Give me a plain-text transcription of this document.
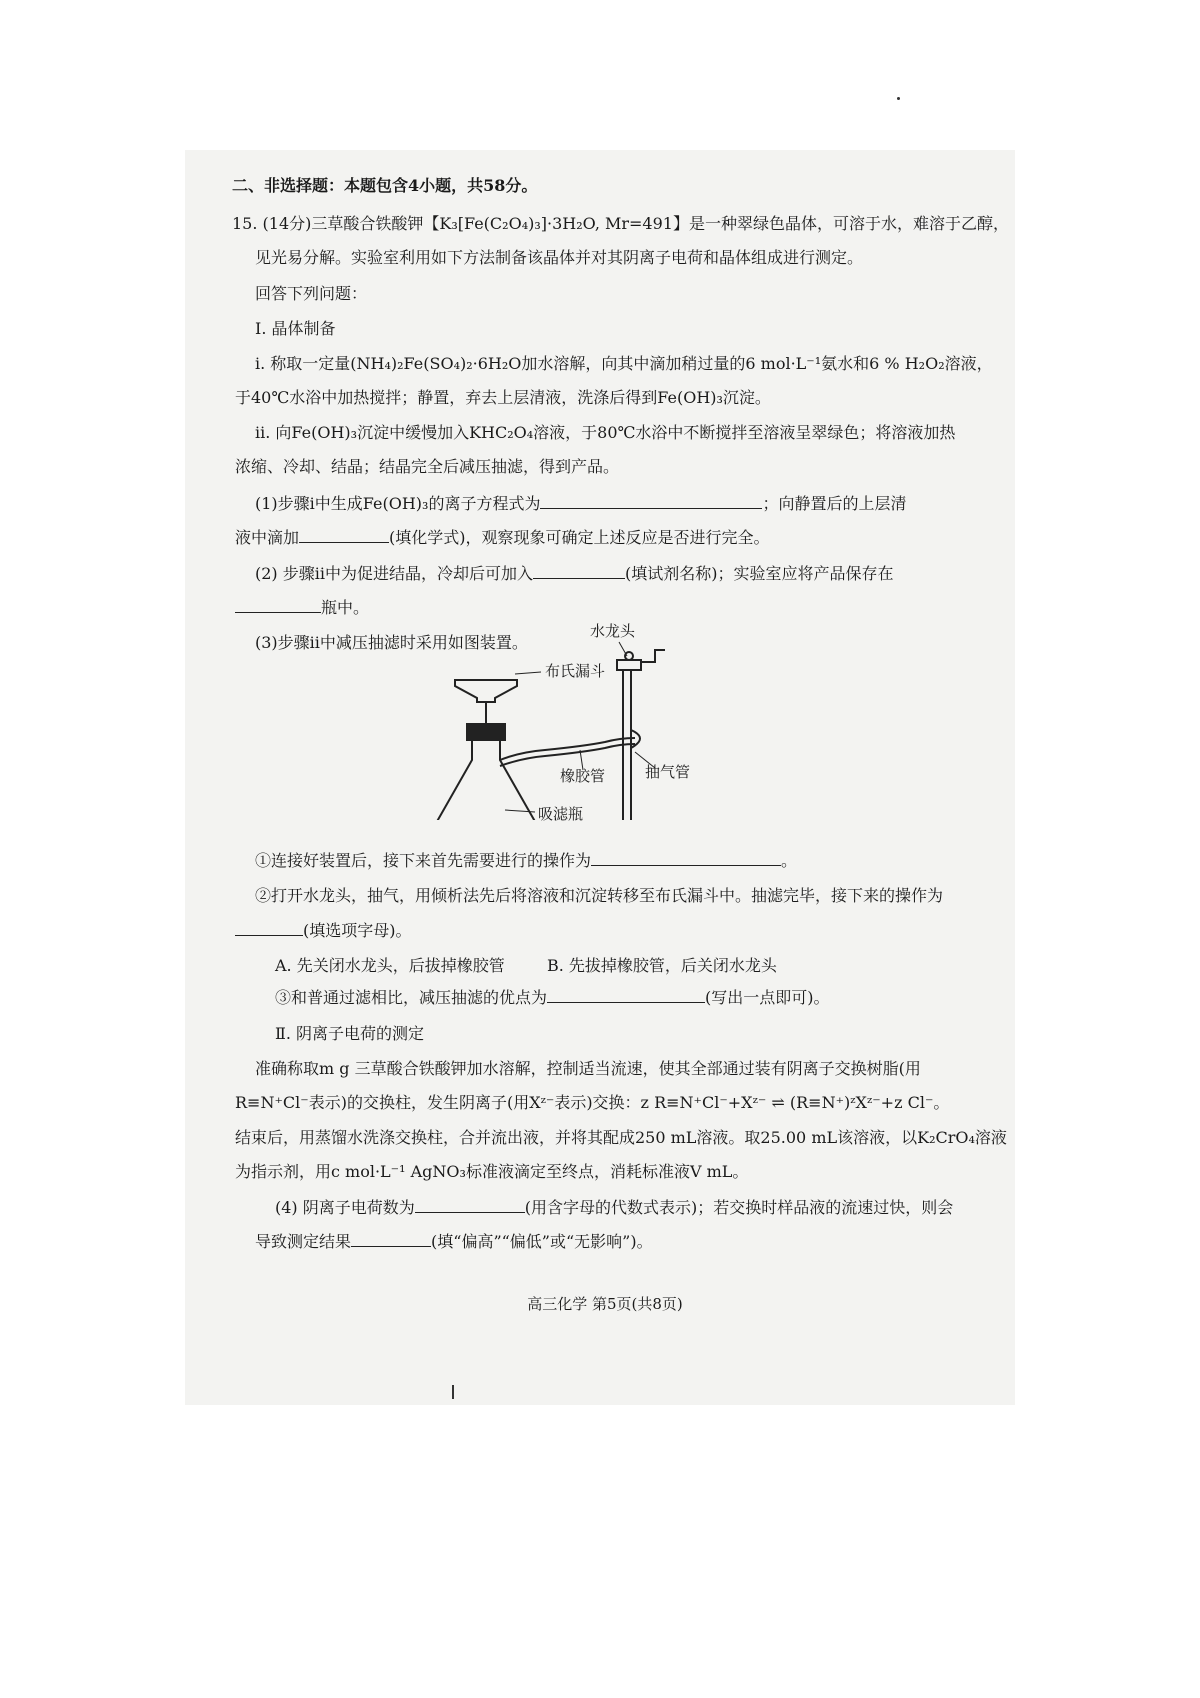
二、非选择题：本题包含4小题，共58分。
15. (14分)三草酸合铁酸钾【K₃[Fe(C₂O₄)₃]·3H₂O, Mr=491】是一种翠绿色晶体，可溶于水，难溶于乙醇，
见光易分解。实验室利用如下方法制备该晶体并对其阴离子电荷和晶体组成进行测定。
回答下列问题：
Ⅰ. 晶体制备
i. 称取一定量(NH₄)₂Fe(SO₄)₂·6H₂O加水溶解，向其中滴加稍过量的6 mol·L⁻¹氨水和6 % H₂O₂溶液，
于40℃水浴中加热搅拌；静置，弃去上层清液，洗涤后得到Fe(OH)₃沉淀。
ii. 向Fe(OH)₃沉淀中缓慢加入KHC₂O₄溶液，于80℃水浴中不断搅拌至溶液呈翠绿色；将溶液加热
浓缩、冷却、结晶；结晶完全后减压抽滤，得到产品。
(1)步骤i中生成Fe(OH)₃的离子方程式为	；向静置后的上层清
液中滴加	(填化学式)，观察现象可确定上述反应是否进行完全。
(2) 步骤ii中为促进结晶，冷却后可加入	(填试剂名称)；实验室应将产品保存在
瓶中。
(3)步骤ii中减压抽滤时采用如图装置。
水龙头
布氏漏斗
橡胶管	抽气管
吸滤瓶
①连接好装置后，接下来首先需要进行的操作为	。
②打开水龙头，抽气，用倾析法先后将溶液和沉淀转移至布氏漏斗中。抽滤完毕，接下来的操作为
(填选项字母)。
A. 先关闭水龙头，后拔掉橡胶管	B. 先拔掉橡胶管，后关闭水龙头
③和普通过滤相比，减压抽滤的优点为	(写出一点即可)。
Ⅱ. 阴离子电荷的测定
准确称取m g 三草酸合铁酸钾加水溶解，控制适当流速，使其全部通过装有阴离子交换树脂(用
R≡N⁺Cl⁻表示)的交换柱，发生阴离子(用Xᶻ⁻表示)交换：z R≡N⁺Cl⁻+Xᶻ⁻ ⇌ (R≡N⁺)ᶻXᶻ⁻+z Cl⁻。
结束后，用蒸馏水洗涤交换柱，合并流出液，并将其配成250 mL溶液。取25.00 mL该溶液，以K₂CrO₄溶液
为指示剂，用c mol·L⁻¹ AgNO₃标准液滴定至终点，消耗标准液V mL。
(4) 阴离子电荷数为	(用含字母的代数式表示)；若交换时样品液的流速过快，则会
导致测定结果	(填“偏高”“偏低”或“无影响”)。
高三化学 第5页(共8页)
